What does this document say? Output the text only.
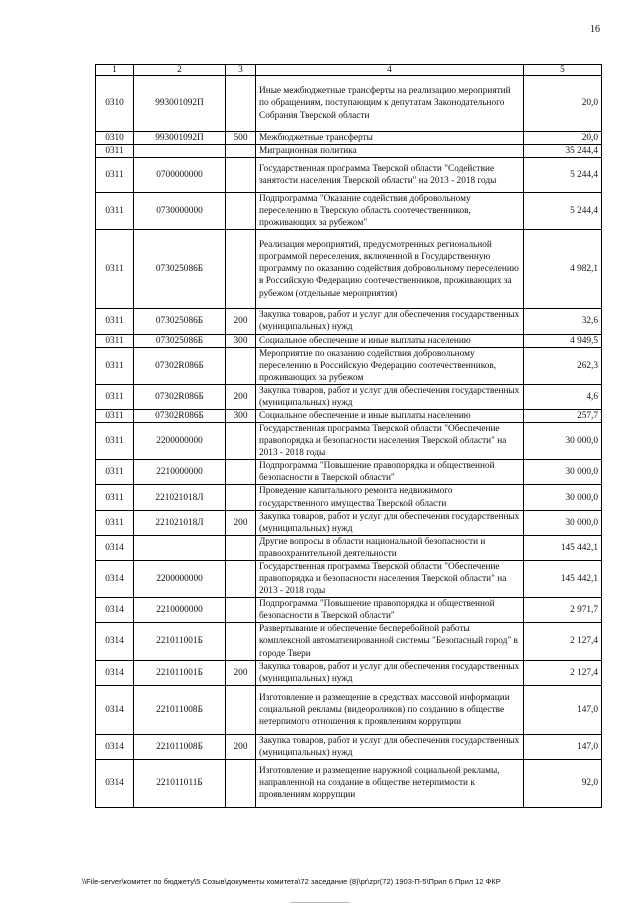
16
1	2	3	4	5
0310	993001092П		Иные межбюджетные трансферты на реализацию мероприятий по обращениям, поступающим к депутатам Законодательного Собрания Тверской области	20,0
0310	993001092П	500	Межбюджетные трансферты	20,0
0311			Миграционная политика	35 244,4
0311	0700000000		Государственная программа Тверской области "Содействие занятости населения Тверской области" на 2013 - 2018 годы	5 244,4
0311	0730000000		Подпрограмма "Оказание содействия добровольному переселению в Тверскую область соотечественников, проживающих за рубежом"	5 244,4
0311	073025086Б		Реализация мероприятий, предусмотренных региональной программой переселения, включенной в Государственную программу по оказанию содействия добровольному переселению в Российскую Федерацию соотечественников, проживающих за рубежом (отдельные мероприятия)	4 982,1
0311	073025086Б	200	Закупка товаров, работ и услуг для обеспечения государственных (муниципальных) нужд	32,6
0311	073025086Б	300	Социальное обеспечение и иные выплаты населению	4 949,5
0311	07302R086Б		Мероприятие по оказанию содействия добровольному переселению в Российскую Федерацию соотечественников, проживающих за рубежом	262,3
0311	07302R086Б	200	Закупка товаров, работ и услуг для обеспечения государственных (муниципальных) нужд	4,6
0311	07302R086Б	300	Социальное обеспечение и иные выплаты населению	257,7
0311	2200000000		Государственная программа Тверской области "Обеспечение правопорядка и безопасности населения Тверской области" на 2013 - 2018 годы	30 000,0
0311	2210000000		Подпрограмма "Повышение правопорядка и общественной безопасности в Тверской области"	30 000,0
0311	221021018Л		Проведение капитального ремонта недвижимого государственного имущества Тверской области	30 000,0
0311	221021018Л	200	Закупка товаров, работ и услуг для обеспечения государственных (муниципальных) нужд	30 000,0
0314			Другие вопросы в области национальной безопасности и правоохранительной деятельности	145 442,1
0314	2200000000		Государственная программа Тверской области "Обеспечение правопорядка и безопасности населения Тверской области" на 2013 - 2018 годы	145 442,1
0314	2210000000		Подпрограмма "Повышение правопорядка и общественной безопасности в Тверской области"	2 971,7
0314	221011001Б		Развертывание и обеспечение бесперебойной работы комплексной автоматизированной системы "Безопасный город" в городе Твери	2 127,4
0314	221011001Б	200	Закупка товаров, работ и услуг для обеспечения государственных (муниципальных) нужд	2 127,4
0314	221011008Б		Изготовление и размещение в средствах массовой информации социальной рекламы (видеороликов) по созданию в обществе нетерпимого отношения к проявлениям коррупции	147,0
0314	221011008Б	200	Закупка товаров, работ и услуг для обеспечения государственных (муниципальных) нужд	147,0
0314	221011011Б		Изготовление и размещение наружной социальной рекламы, направленной на создание в обществе нетерпимости к проявлениям коррупции	92,0
\\File-server\комитет по бюджету\5 Созыв\документы комитета\72 заседание (8)\pr\zpr(72) 1903-П-5\Прил 6 Прил 12 ФКР
